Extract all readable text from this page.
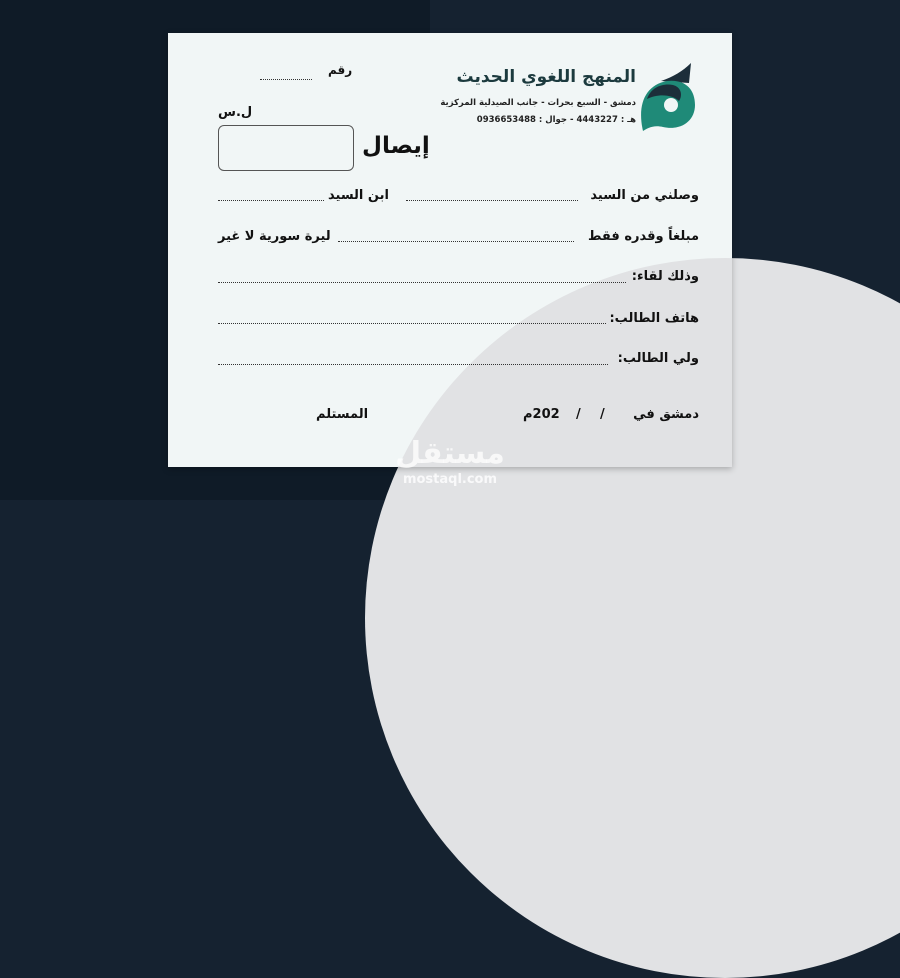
المنهج اللغوي الحديث
دمشق - السبع بحرات - جانب الصيدلية المركزية
هـ : 4443227 - جوال : 0936653488
رقم
ل.س
إيصال
وصلني من السيد
ابن السيد
مبلغاً وقدره فقط
ليرة سورية لا غير
وذلك لقاء:
هاتف الطالب:
ولي الطالب:
دمشق في
/
/
202م
المستلم
مستقل
mostaql.com
